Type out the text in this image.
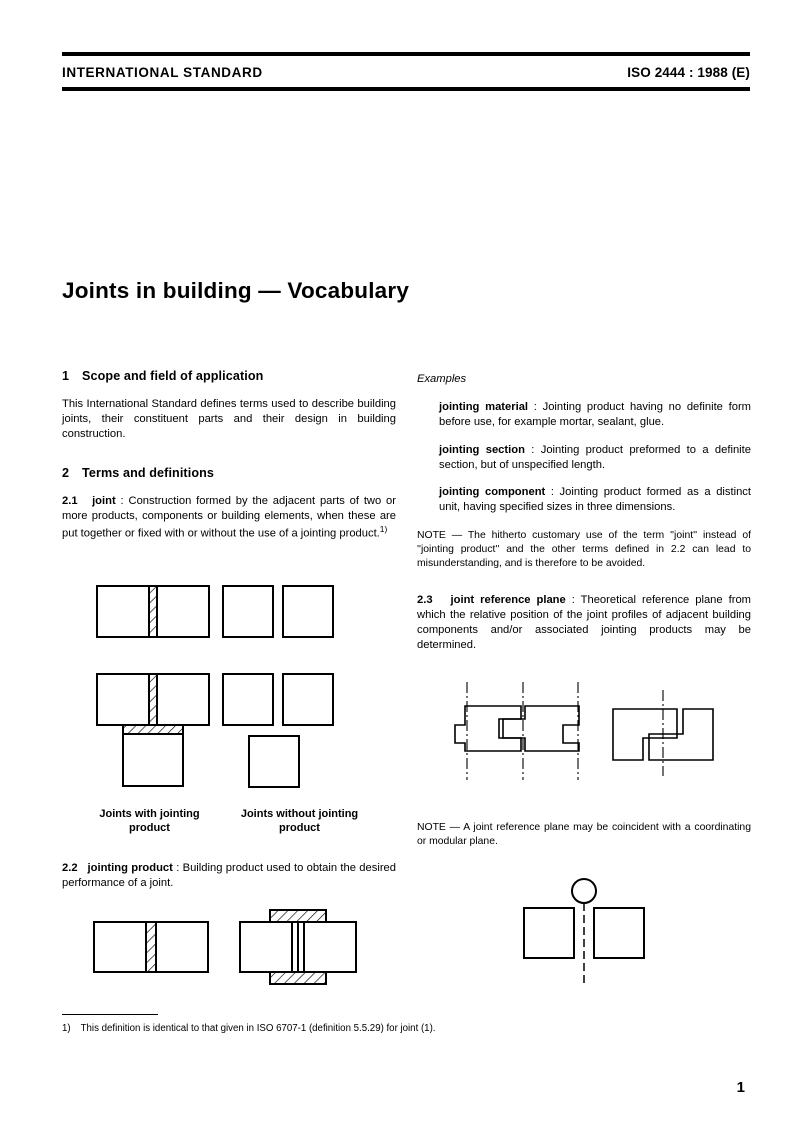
INTERNATIONAL STANDARD	ISO 2444 : 1988 (E)
Joints in building — Vocabulary
1 Scope and field of application

This International Standard defines terms used to describe building joints, their constituent parts and their design in building construction.

2 Terms and definitions

2.1 joint : Construction formed by the adjacent parts of two or more products, components or building elements, when these are put together or fixed with or without the use of a jointing product.$^{1)}$

Joints with jointing product
Joints without jointing product

2.2 jointing product : Building product used to obtain the desired performance of a joint.

Examples

jointing material : Jointing product having no definite form before use, for example mortar, sealant, glue.

jointing section : Jointing product preformed to a definite section, but of unspecified length.

jointing component : Jointing product formed as a distinct unit, having specified sizes in three dimensions.

NOTE — The hitherto customary use of the term ''joint'' instead of ''jointing product'' and the other terms defined in 2.2 can lead to misunderstanding, and is therefore to be avoided.

2.3 joint reference plane : Theoretical reference plane from which the relative position of the joint profiles of adjacent building components and/or associated jointing products may be determined.

NOTE — A joint reference plane may be coincident with a coordinating or modular plane.

1) This definition is identical to that given in ISO 6707-1 (definition 5.5.29) for joint (1).
1
